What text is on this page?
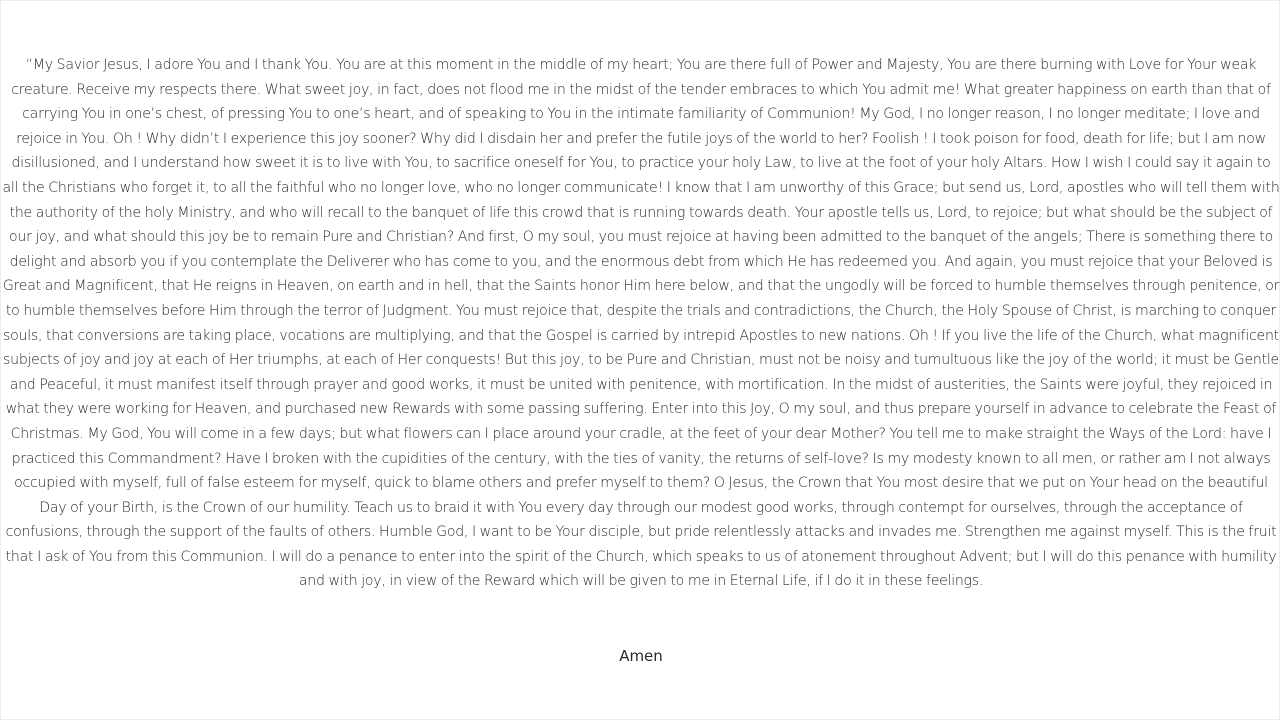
“My Savior Jesus, I adore You and I thank You. You are at this moment in the middle of my heart; You are there full of Power and Majesty, You are there burning with Love for Your weak creature. Receive my respects there. What sweet joy, in fact, does not flood me in the midst of the tender embraces to which You admit me! What greater happiness on earth than that of carrying You in one’s chest, of pressing You to one’s heart, and of speaking to You in the intimate familiarity of Communion! My God, I no longer reason, I no longer meditate; I love and rejoice in You. Oh ! Why didn’t I experience this joy sooner? Why did I disdain her and prefer the futile joys of the world to her? Foolish ! I took poison for food, death for life; but I am now disillusioned, and I understand how sweet it is to live with You, to sacrifice oneself for You, to practice your holy Law, to live at the foot of your holy Altars. How I wish I could say it again to all the Christians who forget it, to all the faithful who no longer love, who no longer communicate! I know that I am unworthy of this Grace; but send us, Lord, apostles who will tell them with the authority of the holy Ministry, and who will recall to the banquet of life this crowd that is running towards death. Your apostle tells us, Lord, to rejoice; but what should be the subject of our joy, and what should this joy be to remain Pure and Christian? And first, O my soul, you must rejoice at having been admitted to the banquet of the angels; There is something there to delight and absorb you if you contemplate the Deliverer who has come to you, and the enormous debt from which He has redeemed you. And again, you must rejoice that your Beloved is Great and Magnificent, that He reigns in Heaven, on earth and in hell, that the Saints honor Him here below, and that the ungodly will be forced to humble themselves through penitence, or to humble themselves before Him through the terror of Judgment. You must rejoice that, despite the trials and contradictions, the Church, the Holy Spouse of Christ, is marching to conquer souls, that conversions are taking place, vocations are multiplying, and that the Gospel is carried by intrepid Apostles to new nations. Oh ! If you live the life of the Church, what magnificent subjects of joy and joy at each of Her triumphs, at each of Her conquests! But this joy, to be Pure and Christian, must not be noisy and tumultuous like the joy of the world; it must be Gentle and Peaceful, it must manifest itself through prayer and good works, it must be united with penitence, with mortification. In the midst of austerities, the Saints were joyful, they rejoiced in what they were working for Heaven, and purchased new Rewards with some passing suffering. Enter into this Joy, O my soul, and thus prepare yourself in advance to celebrate the Feast of Christmas. My God, You will come in a few days; but what flowers can I place around your cradle, at the feet of your dear Mother? You tell me to make straight the Ways of the Lord: have I practiced this Commandment? Have I broken with the cupidities of the century, with the ties of vanity, the returns of self-love? Is my modesty known to all men, or rather am I not always occupied with myself, full of false esteem for myself, quick to blame others and prefer myself to them? O Jesus, the Crown that You most desire that we put on Your head on the beautiful Day of your Birth, is the Crown of our humility. Teach us to braid it with You every day through our modest good works, through contempt for ourselves, through the acceptance of confusions, through the support of the faults of others. Humble God, I want to be Your disciple, but pride relentlessly attacks and invades me. Strengthen me against myself. This is the fruit that I ask of You from this Communion. I will do a penance to enter into the spirit of the Church, which speaks to us of atonement throughout Advent; but I will do this penance with humility and with joy, in view of the Reward which will be given to me in Eternal Life, if I do it in these feelings.

Amen
